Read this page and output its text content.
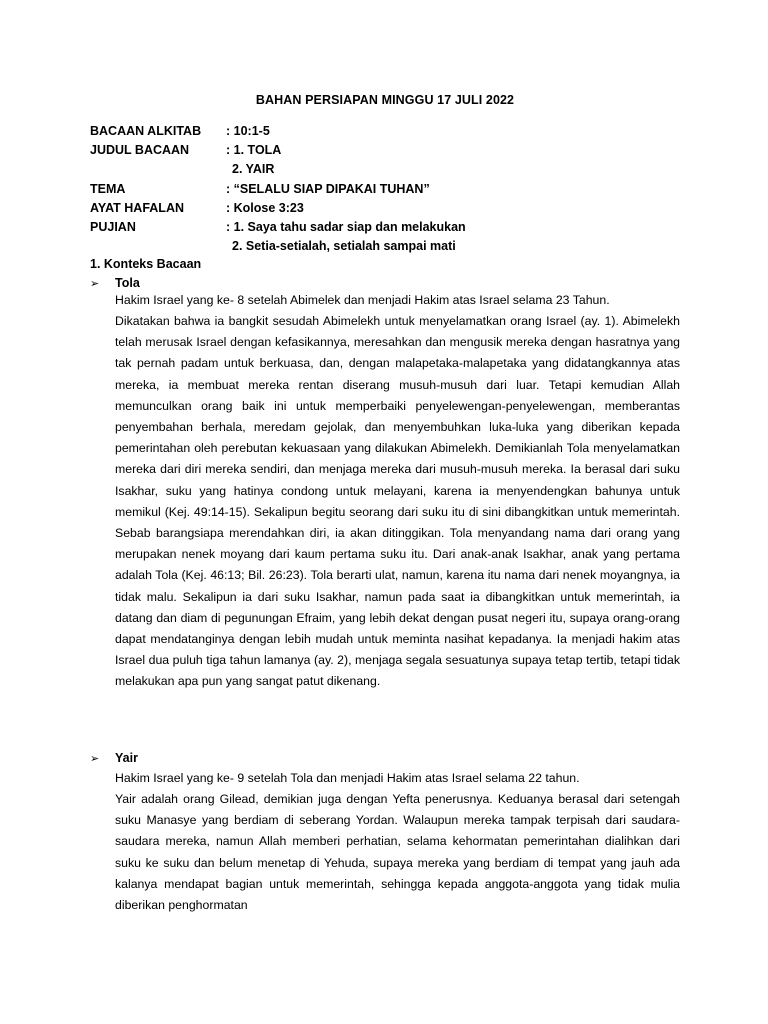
BAHAN PERSIAPAN MINGGU 17 JULI 2022
BACAAN ALKITAB	: 10:1-5
JUDUL BACAAN	: 1. TOLA
2. YAIR
TEMA	: “SELALU SIAP DIPAKAI TUHAN”
AYAT HAFALAN	: Kolose 3:23
PUJIAN	: 1. Saya tahu sadar siap dan melakukan
2. Setia-setialah, setialah sampai mati
1. Konteks Bacaan
➢ Tola

Hakim Israel yang ke- 8 setelah Abimelek dan menjadi Hakim atas Israel selama 23 Tahun.

Dikatakan bahwa ia bangkit sesudah Abimelekh untuk menyelamatkan orang Israel (ay. 1). Abimelekh telah merusak Israel dengan kefasikannya, meresahkan dan mengusik mereka dengan hasratnya yang tak pernah padam untuk berkuasa, dan, dengan malapetaka-malapetaka yang didatangkannya atas mereka, ia membuat mereka rentan diserang musuh-musuh dari luar. Tetapi kemudian Allah memunculkan orang baik ini untuk memperbaiki penyelewengan-penyelewengan, memberantas penyembahan berhala, meredam gejolak, dan menyembuhkan luka-luka yang diberikan kepada pemerintahan oleh perebutan kekuasaan yang dilakukan Abimelekh. Demikianlah Tola menyelamatkan mereka dari diri mereka sendiri, dan menjaga mereka dari musuh-musuh mereka. Ia berasal dari suku Isakhar, suku yang hatinya condong untuk melayani, karena ia menyendengkan bahunya untuk memikul (Kej. 49:14-15). Sekalipun begitu seorang dari suku itu di sini dibangkitkan untuk memerintah. Sebab barangsiapa merendahkan diri, ia akan ditinggikan. Tola menyandang nama dari orang yang merupakan nenek moyang dari kaum pertama suku itu. Dari anak-anak Isakhar, anak yang pertama adalah Tola (Kej. 46:13; Bil. 26:23). Tola berarti ulat, namun, karena itu nama dari nenek moyangnya, ia tidak malu. Sekalipun ia dari suku Isakhar, namun pada saat ia dibangkitkan untuk memerintah, ia datang dan diam di pegunungan Efraim, yang lebih dekat dengan pusat negeri itu, supaya orang-orang dapat mendatanginya dengan lebih mudah untuk meminta nasihat kepadanya. Ia menjadi hakim atas Israel dua puluh tiga tahun lamanya (ay. 2), menjaga segala sesuatunya supaya tetap tertib, tetapi tidak melakukan apa pun yang sangat patut dikenang.

➢ Yair

Hakim Israel yang ke- 9 setelah Tola dan menjadi Hakim atas Israel selama 22 tahun.

Yair adalah orang Gilead, demikian juga dengan Yefta penerusnya. Keduanya berasal dari setengah suku Manasye yang berdiam di seberang Yordan. Walaupun mereka tampak terpisah dari saudara-saudara mereka, namun Allah memberi perhatian, selama kehormatan pemerintahan dialihkan dari suku ke suku dan belum menetap di Yehuda, supaya mereka yang berdiam di tempat yang jauh ada kalanya mendapat bagian untuk memerintah, sehingga kepada anggota-anggota yang tidak mulia diberikan penghormatan
